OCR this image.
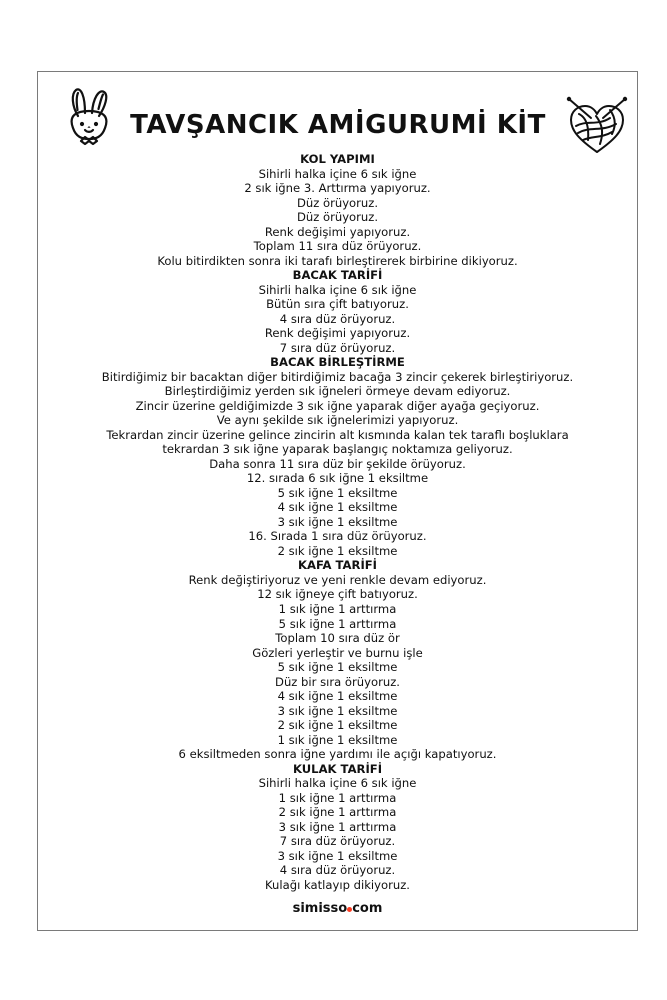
TAVŞANCIK AMİGURUMİ KİT
KOL YAPIMI
Sihirli halka içine 6 sık iğne
2 sık iğne 3. Arttırma yapıyoruz.
Düz örüyoruz.
Düz örüyoruz.
Renk değişimi yapıyoruz.
Toplam 11 sıra düz örüyoruz.
Kolu bitirdikten sonra iki tarafı birleştirerek birbirine dikiyoruz.
BACAK TARİFİ
Sihirli halka içine 6 sık iğne
Bütün sıra çift batıyoruz.
4 sıra düz örüyoruz.
Renk değişimi yapıyoruz.
7 sıra düz örüyoruz.
BACAK BİRLEŞTİRME
Bitirdiğimiz bir bacaktan diğer bitirdiğimiz bacağa 3 zincir çekerek birleştiriyoruz.
Birleştirdiğimiz yerden sık iğneleri örmeye devam ediyoruz.
Zincir üzerine geldiğimizde 3 sık iğne yaparak diğer ayağa geçiyoruz.
Ve aynı şekilde sık iğnelerimizi yapıyoruz.
Tekrardan zincir üzerine gelince zincirin alt kısmında kalan tek taraflı boşluklara
tekrardan 3 sık iğne yaparak başlangıç noktamıza geliyoruz.
Daha sonra 11 sıra düz bir şekilde örüyoruz.
12. sırada 6 sık iğne 1 eksiltme
5 sık iğne 1 eksiltme
4 sık iğne 1 eksiltme
3 sık iğne 1 eksiltme
16. Sırada 1 sıra düz örüyoruz.
2 sık iğne 1 eksiltme
KAFA TARİFİ
Renk değiştiriyoruz ve yeni renkle devam ediyoruz.
12 sık iğneye çift batıyoruz.
1 sık iğne 1 arttırma
5 sık iğne 1 arttırma
Toplam 10 sıra düz ör
Gözleri yerleştir ve burnu işle
5 sık iğne 1 eksiltme
Düz bir sıra örüyoruz.
4 sık iğne 1 eksiltme
3 sık iğne 1 eksiltme
2 sık iğne 1 eksiltme
1 sık iğne 1 eksiltme
6 eksiltmeden sonra iğne yardımı ile açığı kapatıyoruz.
KULAK TARİFİ
Sihirli halka içine 6 sık iğne
1 sık iğne 1 arttırma
2 sık iğne 1 arttırma
3 sık iğne 1 arttırma
7 sıra düz örüyoruz.
3 sık iğne 1 eksiltme
4 sıra düz örüyoruz.
Kulağı katlayıp dikiyoruz.
simisso com
